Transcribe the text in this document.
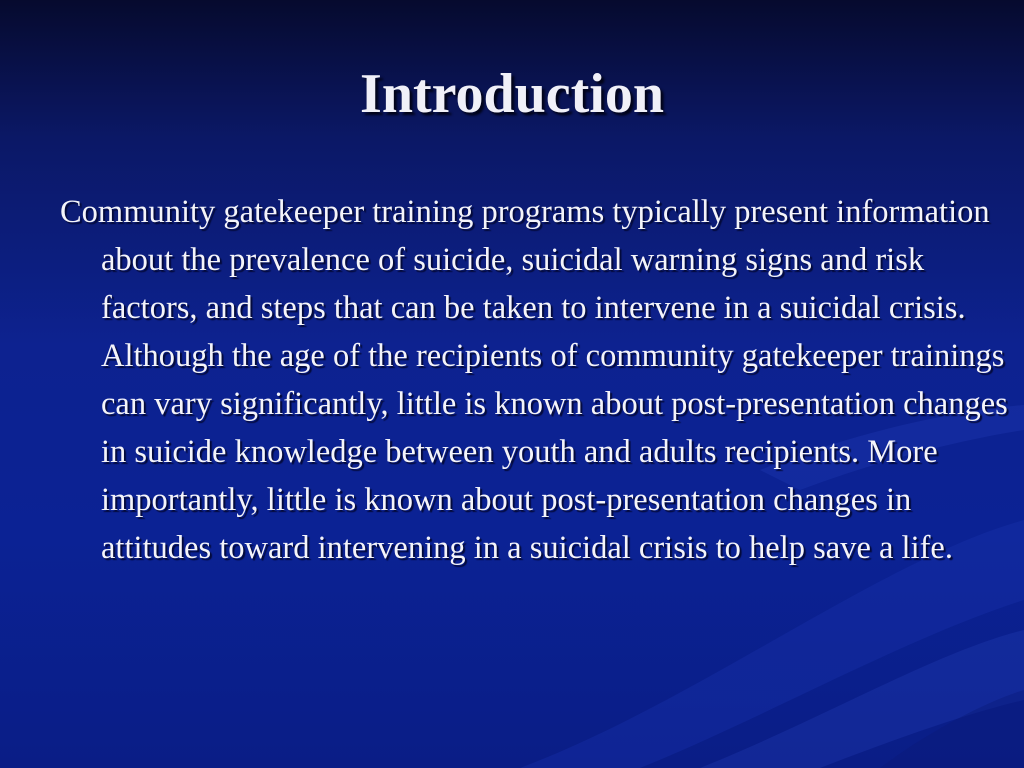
Introduction

Community gatekeeper training programs typically present information about the prevalence of suicide, suicidal warning signs and risk factors, and steps that can be taken to intervene in a suicidal crisis. Although the age of the recipients of community gatekeeper trainings can vary significantly, little is known about post-presentation changes in suicide knowledge between youth and adults recipients. More importantly, little is known about post-presentation changes in attitudes toward intervening in a suicidal crisis to help save a life.
